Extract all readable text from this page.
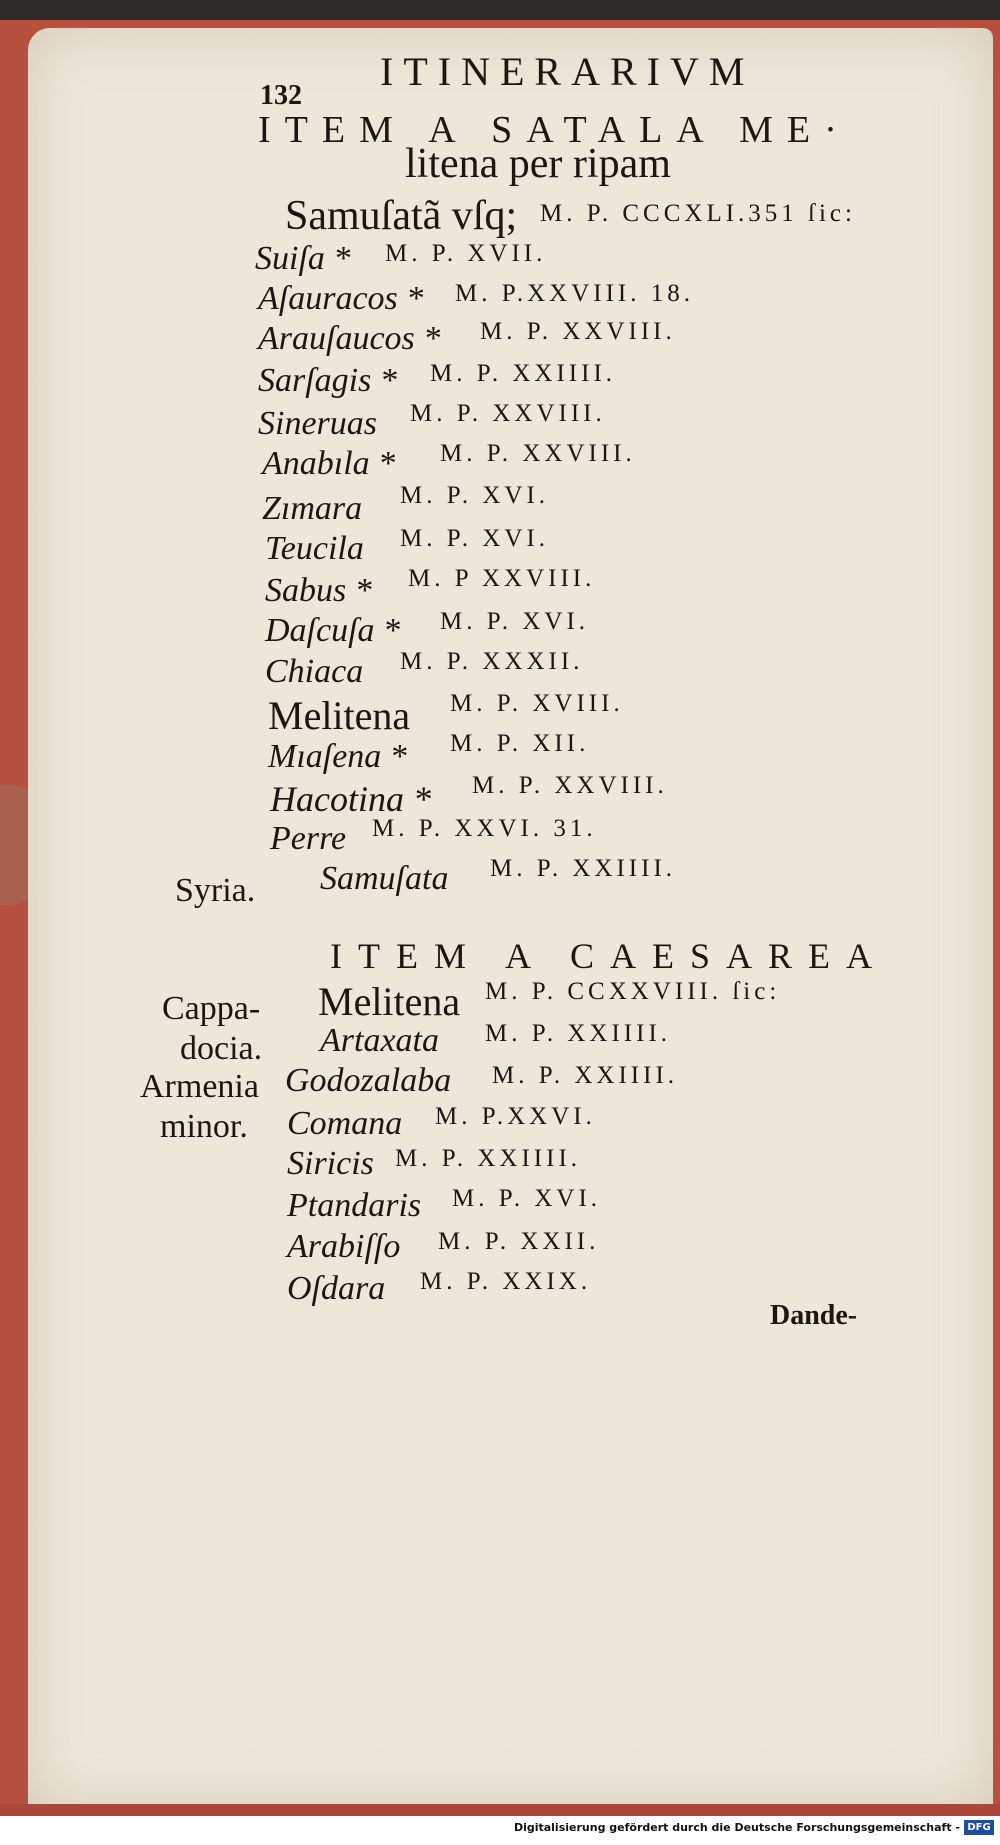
132
ITINERARIVM
ITEM A SATALA ME·
litena per ripam
Samuſatã vſq; M. P. CCCXLI.351 ſic:
Suiſa * M. P. XVII.
Aſauracos * M. P.XXVIII. 18.
Arauſaucos * M. P. XXVIII.
Sarſagis * M. P. XXIIII.
Sineruas M. P. XXVIII.
Anabıla * M. P. XXVIII.
Zımara M. P. XVI.
Teucila M. P. XVI.
Sabus * M. P XXVIII.
Daſcuſa * M. P. XVI.
Chiaca M. P. XXXII.
Melitena M. P. XVIII.
Mıaſena * M. P. XII.
Hacotina * M. P. XXVIII.
Perre M. P. XXVI. 31.
Samuſata M. P. XXIIII.
Syria.
ITEM A CAESAREA
Melitena M. P. CCXXVIII. ſic:
Cappa-
docia.
Armenia
minor.
Artaxata M. P. XXIIII.
Godozalaba M. P. XXIIII.
Comana M. P.XXVI.
Siricis M. P. XXIIII.
Ptandaris M. P. XVI.
Arabiſſo M. P. XXII.
Oſdara M. P. XXIX.
Dande-
Digitalisierung gefördert durch die Deutsche Forschungsgemeinschaft - DFG
